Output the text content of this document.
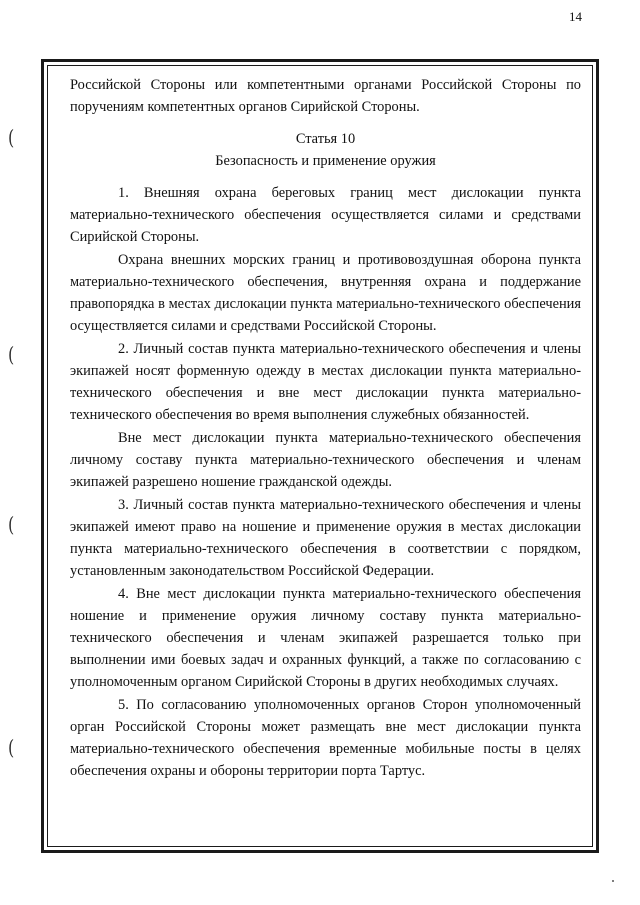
14
(
(
(
(

Российской Стороны или компетентными органами Российской Стороны по поручениям компетентных органов Сирийской Стороны.

Статья 10

Безопасность и применение оружия

1. Внешняя охрана береговых границ мест дислокации пункта материально-технического обеспечения осуществляется силами и средствами Сирийской Стороны.

Охрана внешних морских границ и противовоздушная оборона пункта материально-технического обеспечения, внутренняя охрана и поддержание правопорядка в местах дислокации пункта материально-технического обеспечения осуществляется силами и средствами Российской Стороны.

2. Личный состав пункта материально-технического обеспечения и члены экипажей носят форменную одежду в местах дислокации пункта материально-технического обеспечения и вне мест дислокации пункта материально-технического обеспечения во время выполнения служебных обязанностей.

Вне мест дислокации пункта материально-технического обеспечения личному составу пункта материально-технического обеспечения и членам экипажей разрешено ношение гражданской одежды.

3. Личный состав пункта материально-технического обеспечения и члены экипажей имеют право на ношение и применение оружия в местах дислокации пункта материально-технического обеспечения в соответствии с порядком, установленным законодательством Российской Федерации.

4. Вне мест дислокации пункта материально-технического обеспечения ношение и применение оружия личному составу пункта материально-технического обеспечения и членам экипажей разрешается только при выполнении ими боевых задач и охранных функций, а также по согласованию с уполномоченным органом Сирийской Стороны в других необходимых случаях.

5. По согласованию уполномоченных органов Сторон уполномоченный орган Российской Стороны может размещать вне мест дислокации пункта материально-технического обеспечения временные мобильные посты в целях обеспечения охраны и обороны территории порта Тартус.
